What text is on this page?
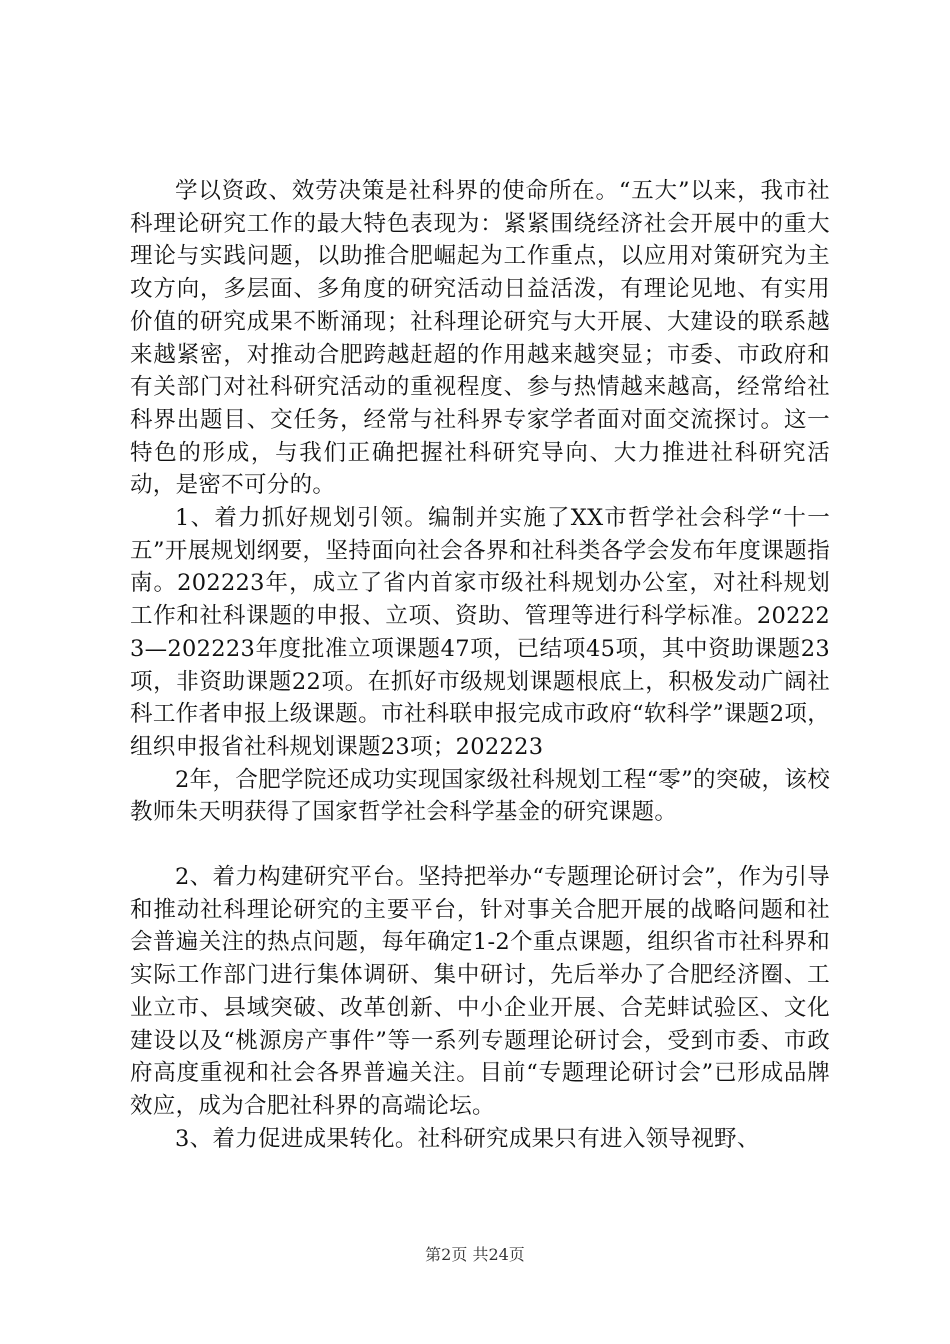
学以资政、效劳决策是社科界的使命所在。“五大”以来，我市社科理论研究工作的最大特色表现为：紧紧围绕经济社会开展中的重大理论与实践问题，以助推合肥崛起为工作重点，以应用对策研究为主攻方向，多层面、多角度的研究活动日益活泼，有理论见地、有实用价值的研究成果不断涌现；社科理论研究与大开展、大建设的联系越来越紧密，对推动合肥跨越赶超的作用越来越突显；市委、市政府和有关部门对社科研究活动的重视程度、参与热情越来越高，经常给社科界出题目、交任务，经常与社科界专家学者面对面交流探讨。这一特色的形成，与我们正确把握社科研究导向、大力推进社科研究活动，是密不可分的。

1、着力抓好规划引领。编制并实施了XX市哲学社会科学“十一五”开展规划纲要，坚持面向社会各界和社科类各学会发布年度课题指南。202223年，成立了省内首家市级社科规划办公室，对社科规划工作和社科课题的申报、立项、资助、管理等进行科学标准。202223—202223年度批准立项课题47项，已结项45项，其中资助课题23项，非资助课题22项。在抓好市级规划课题根底上，积极发动广阔社科工作者申报上级课题。市社科联申报完成市政府“软科学”课题2项，组织申报省社科规划课题23项；202223

2年，合肥学院还成功实现国家级社科规划工程“零”的突破，该校教师朱天明获得了国家哲学社会科学基金的研究课题。

2、着力构建研究平台。坚持把举办“专题理论研讨会”，作为引导和推动社科理论研究的主要平台，针对事关合肥开展的战略问题和社会普遍关注的热点问题，每年确定1-2个重点课题，组织省市社科界和实际工作部门进行集体调研、集中研讨，先后举办了合肥经济圈、工业立市、县域突破、改革创新、中小企业开展、合芜蚌试验区、文化建设以及“桃源房产事件”等一系列专题理论研讨会，受到市委、市政府高度重视和社会各界普遍关注。目前“专题理论研讨会”已形成品牌效应，成为合肥社科界的高端论坛。

3、着力促进成果转化。社科研究成果只有进入领导视野、

第2页 共24页
